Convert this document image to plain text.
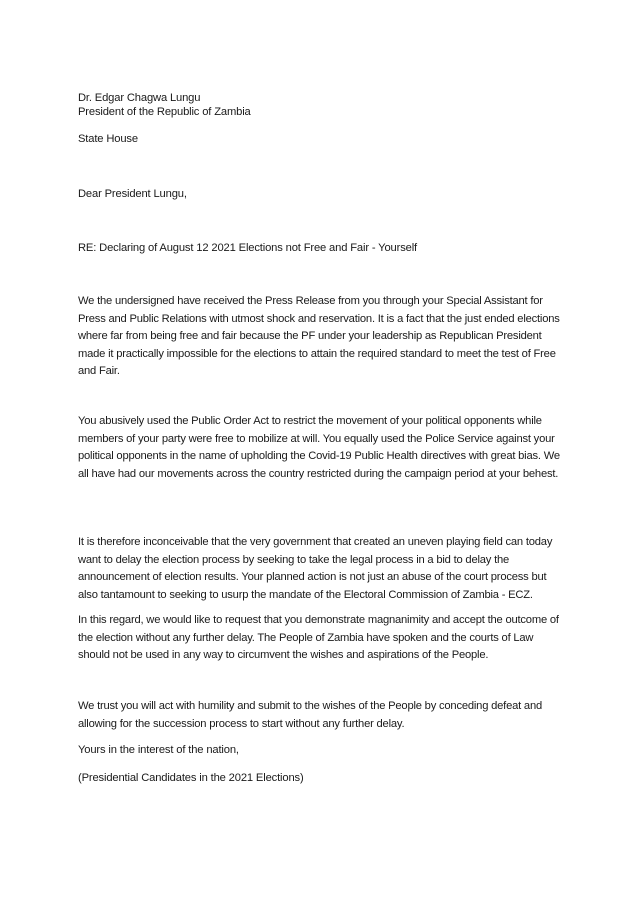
Dr. Edgar Chagwa Lungu
President of the Republic of Zambia
State House
Dear President Lungu,
RE: Declaring of August 12 2021 Elections not Free and Fair - Yourself

We the undersigned have received the Press Release from you through your Special Assistant for Press and Public Relations with utmost shock and reservation. It is a fact that the just ended elections where far from being free and fair because the PF under your leadership as Republican President made it practically impossible for the elections to attain the required standard to meet the test of Free and Fair.

You abusively used the Public Order Act to restrict the movement of your political opponents while members of your party were free to mobilize at will. You equally used the Police Service against your political opponents in the name of upholding the Covid-19 Public Health directives with great bias. We all have had our movements across the country restricted during the campaign period at your behest.

It is therefore inconceivable that the very government that created an uneven playing field can today want to delay the election process by seeking to take the legal process in a bid to delay the announcement of election results. Your planned action is not just an abuse of the court process but also tantamount to seeking to usurp the mandate of the Electoral Commission of Zambia - ECZ.

In this regard, we would like to request that you demonstrate magnanimity and accept the outcome of the election without any further delay. The People of Zambia have spoken and the courts of Law should not be used in any way to circumvent the wishes and aspirations of the People.

We trust you will act with humility and submit to the wishes of the People by conceding defeat and allowing for the succession process to start without any further delay.

Yours in the interest of the nation,
(Presidential Candidates in the 2021 Elections)
